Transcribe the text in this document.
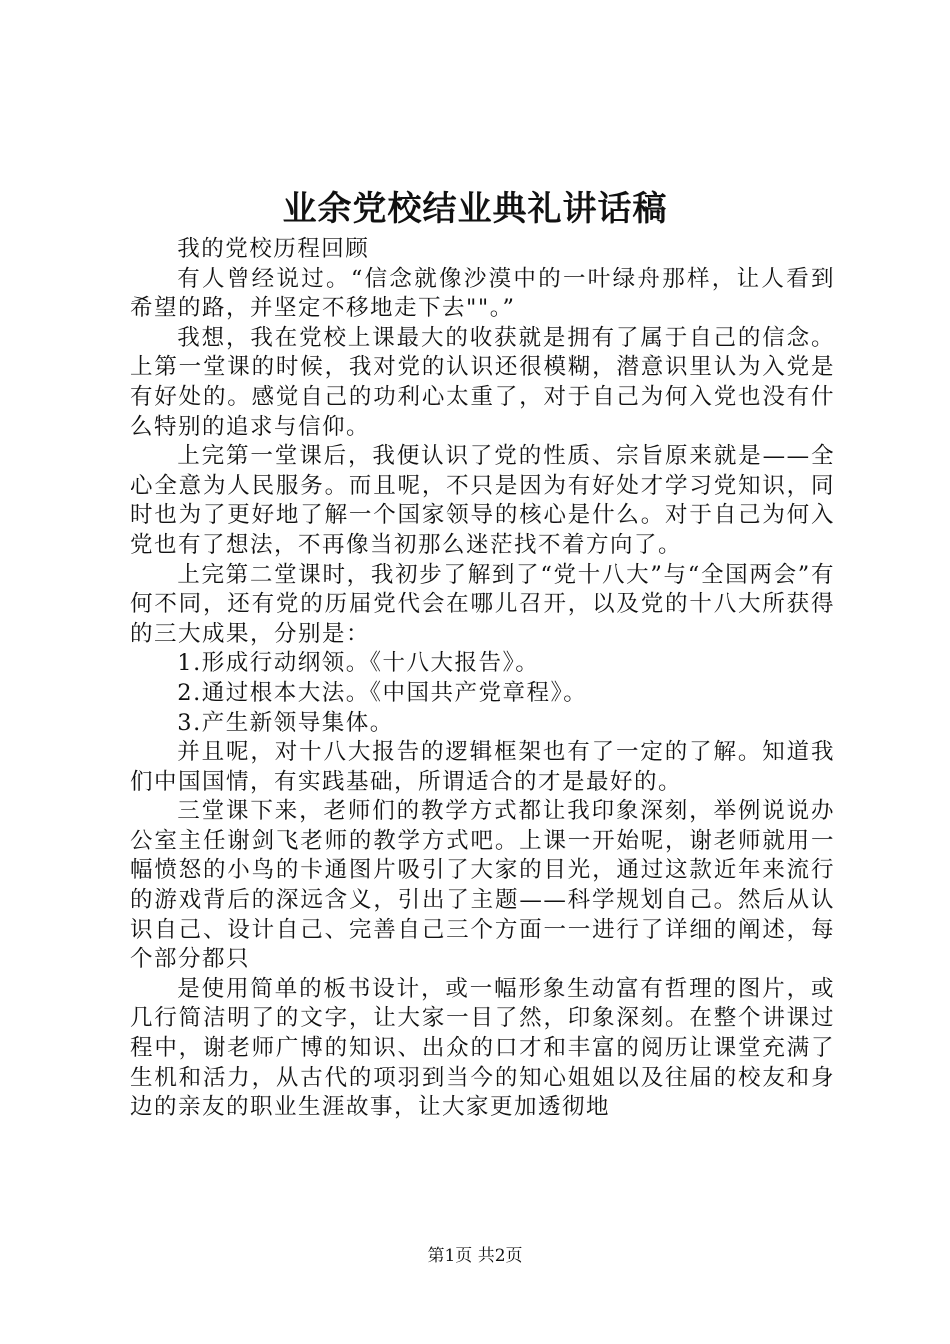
业余党校结业典礼讲话稿

我的党校历程回顾

有人曾经说过。“信念就像沙漠中的一叶绿舟那样，让人看到希望的路，并坚定不移地走下去""。”

我想，我在党校上课最大的收获就是拥有了属于自己的信念。上第一堂课的时候，我对党的认识还很模糊，潜意识里认为入党是有好处的。感觉自己的功利心太重了，对于自己为何入党也没有什么特别的追求与信仰。

上完第一堂课后，我便认识了党的性质、宗旨原来就是——全心全意为人民服务。而且呢，不只是因为有好处才学习党知识，同时也为了更好地了解一个国家领导的核心是什么。对于自己为何入党也有了想法，不再像当初那么迷茫找不着方向了。

上完第二堂课时，我初步了解到了“党十八大”与“全国两会”有何不同，还有党的历届党代会在哪儿召开，以及党的十八大所获得的三大成果，分别是：

1.形成行动纲领。《十八大报告》。

2.通过根本大法。《中国共产党章程》。

3.产生新领导集体。

并且呢，对十八大报告的逻辑框架也有了一定的了解。知道我们中国国情，有实践基础，所谓适合的才是最好的。

三堂课下来，老师们的教学方式都让我印象深刻，举例说说办公室主任谢剑飞老师的教学方式吧。上课一开始呢，谢老师就用一幅愤怒的小鸟的卡通图片吸引了大家的目光，通过这款近年来流行的游戏背后的深远含义，引出了主题——科学规划自己。然后从认识自己、设计自己、完善自己三个方面一一进行了详细的阐述，每个部分都只

是使用简单的板书设计，或一幅形象生动富有哲理的图片，或几行简洁明了的文字，让大家一目了然，印象深刻。在整个讲课过程中，谢老师广博的知识、出众的口才和丰富的阅历让课堂充满了生机和活力，从古代的项羽到当今的知心姐姐以及往届的校友和身边的亲友的职业生涯故事，让大家更加透彻地

第1页 共2页
